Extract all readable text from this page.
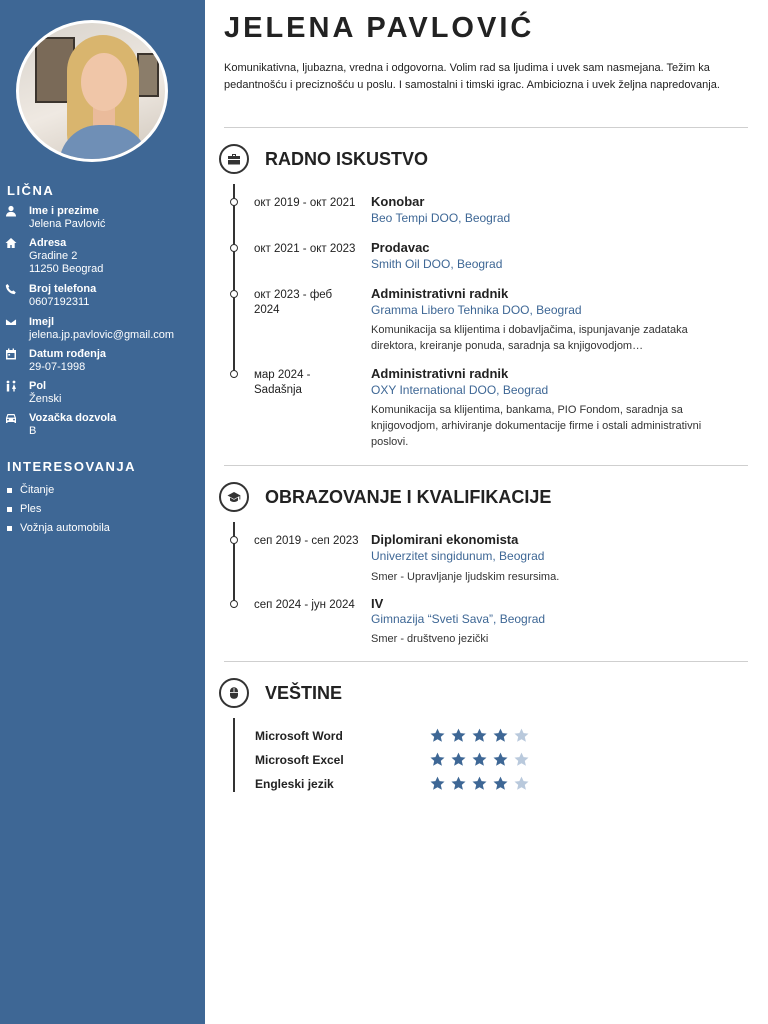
LIČNA
Ime i prezime
Jelena Pavlović
Adresa
Gradine 2
11250 Beograd
Broj telefona
0607192311
Imejl
jelena.jp.pavlovic@gmail.com
Datum rođenja
29-07-1998
Pol
Ženski
Vozačka dozvola
B
INTERESOVANJA
Čitanje
Ples
Vožnja automobila
JELENA PAVLOVIĆ
Komunikativna, ljubazna, vredna i odgovorna. Volim rad sa ljudima i uvek sam nasmejana. Težim ka pedantnošću i preciznošću u poslu. I samostalni i timski igrac. Ambiciozna i uvek željna napredovanja.
RADNO ISKUSTVO
окт 2019 - окт 2021 Konobar
Beo Tempi DOO, Beograd
окт 2021 - окт 2023 Prodavac
Smith Oil DOO, Beograd
окт 2023 - феб
2024
Administrativni radnik
Gramma Libero Tehnika DOO, Beograd
Komunikacija sa klijentima i dobavljačima, ispunjavanje zadataka direktora, kreiranje ponuda, saradnja sa knjigovodjom…
мар 2024 -
Sadašnja
Administrativni radnik
OXY International DOO, Beograd
Komunikacija sa klijentima, bankama, PIO Fondom, saradnja sa knjigovodjom, arhiviranje dokumentacije firme i ostali administrativni poslovi.
OBRAZOVANJE I KVALIFIKACIJE
сеп 2019 - сеп 2023 Diplomirani ekonomista
Univerzitet singidunum, Beograd
Smer - Upravljanje ljudskim resursima.
сеп 2024 - јун 2024 IV
Gimnazija “Sveti Sava”, Beograd
Smer - društveno jezički
VEŠTINE
Microsoft Word
Microsoft Excel
Engleski jezik
